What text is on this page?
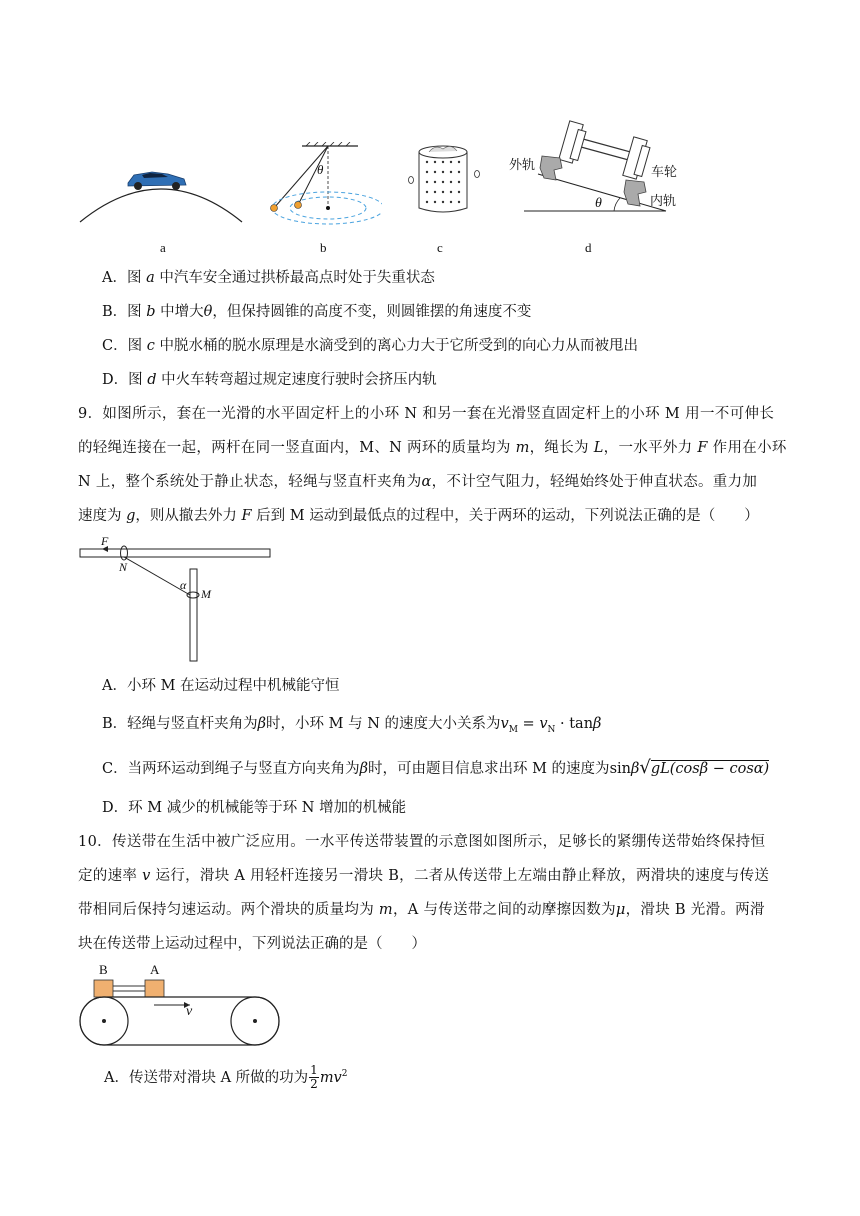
a
θ
b	c
外轨	车轮
内轨
θ
d
A．图 a 中汽车安全通过拱桥最高点时处于失重状态
B．图 b 中增大θ，但保持圆锥的高度不变，则圆锥摆的角速度不变
C．图 c 中脱水桶的脱水原理是水滴受到的离心力大于它所受到的向心力从而被甩出
D．图 d 中火车转弯超过规定速度行驶时会挤压内轨
9．如图所示，套在一光滑的水平固定杆上的小环 N 和另一套在光滑竖直固定杆上的小环 M 用一不可伸长
的轻绳连接在一起，两杆在同一竖直面内，M、N 两环的质量均为 m，绳长为 L，一水平外力 F 作用在小环
N 上，整个系统处于静止状态，轻绳与竖直杆夹角为α，不计空气阻力，轻绳始终处于伸直状态。重力加
速度为 g，则从撤去外力 F 后到 M 运动到最低点的过程中，关于两环的运动，下列说法正确的是（　　）
F
N
α
M
A．小环 M 在运动过程中机械能守恒
B．轻绳与竖直杆夹角为β时，小环 M 与 N 的速度大小关系为$v_M = v_N \cdot \tan\beta$
C．当两环运动到绳子与竖直方向夹角为β时，可由题目信息求出环 M 的速度为sinβ√gL(cosβ − cosα)
D．环 M 减少的机械能等于环 N 增加的机械能
10．传送带在生活中被广泛应用。一水平传送带装置的示意图如图所示，足够长的紧绷传送带始终保持恒
定的速率 v 运行，滑块 A 用轻杆连接另一滑块 B，二者从传送带上左端由静止释放，两滑块的速度与传送
带相同后保持匀速运动。两个滑块的质量均为 m，A 与传送带之间的动摩擦因数为μ，滑块 B 光滑。两滑
块在传送带上运动过程中，下列说法正确的是（　　）
B	A
v
A．传送带对滑块 A 所做的功为 $\frac{1}{2} mv^2$
